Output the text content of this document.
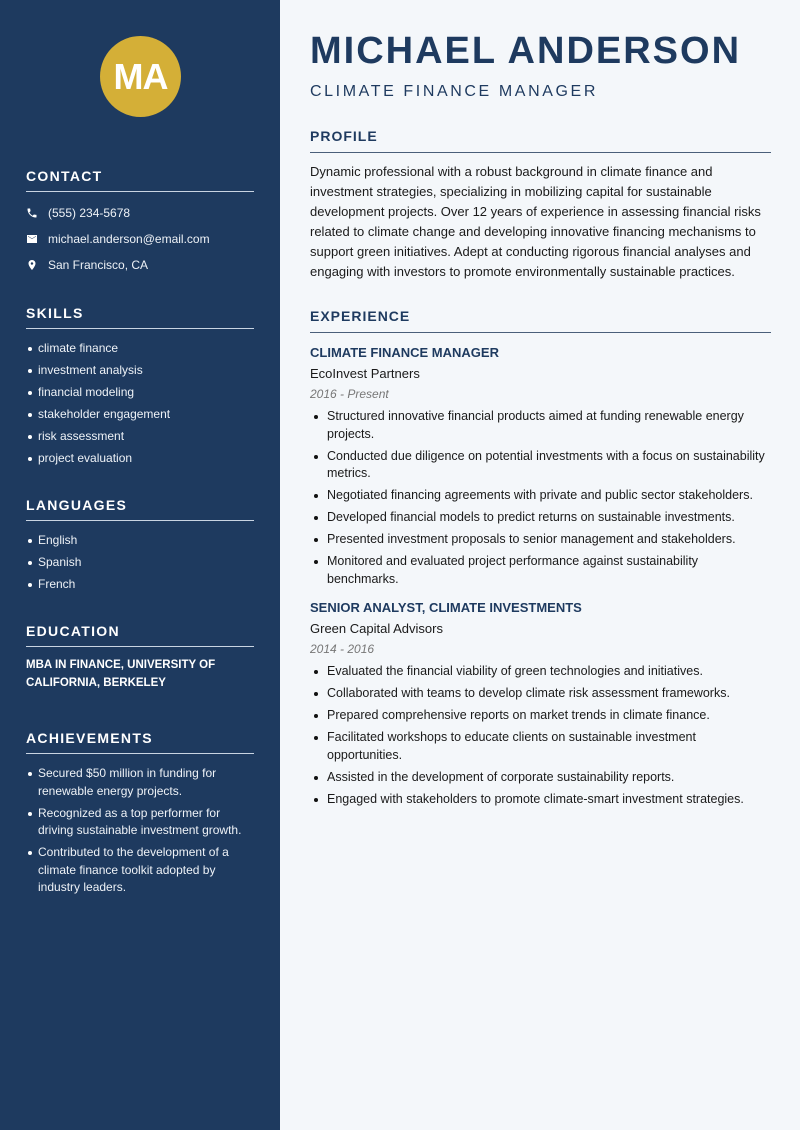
MA
CONTACT
(555) 234-5678
michael.anderson@email.com
San Francisco, CA
SKILLS
climate finance
investment analysis
financial modeling
stakeholder engagement
risk assessment
project evaluation
LANGUAGES
English
Spanish
French
EDUCATION
MBA IN FINANCE, UNIVERSITY OF CALIFORNIA, BERKELEY
ACHIEVEMENTS
Secured $50 million in funding for renewable energy projects.
Recognized as a top performer for driving sustainable investment growth.
Contributed to the development of a climate finance toolkit adopted by industry leaders.
MICHAEL ANDERSON
CLIMATE FINANCE MANAGER
PROFILE

Dynamic professional with a robust background in climate finance and investment strategies, specializing in mobilizing capital for sustainable development projects. Over 12 years of experience in assessing financial risks related to climate change and developing innovative financing mechanisms to support green initiatives. Adept at conducting rigorous financial analyses and engaging with investors to promote environmentally sustainable practices.

EXPERIENCE
CLIMATE FINANCE MANAGER
EcoInvest Partners
2016 - Present
Structured innovative financial products aimed at funding renewable energy projects.
Conducted due diligence on potential investments with a focus on sustainability metrics.
Negotiated financing agreements with private and public sector stakeholders.
Developed financial models to predict returns on sustainable investments.
Presented investment proposals to senior management and stakeholders.
Monitored and evaluated project performance against sustainability benchmarks.
SENIOR ANALYST, CLIMATE INVESTMENTS
Green Capital Advisors
2014 - 2016
Evaluated the financial viability of green technologies and initiatives.
Collaborated with teams to develop climate risk assessment frameworks.
Prepared comprehensive reports on market trends in climate finance.
Facilitated workshops to educate clients on sustainable investment opportunities.
Assisted in the development of corporate sustainability reports.
Engaged with stakeholders to promote climate-smart investment strategies.
